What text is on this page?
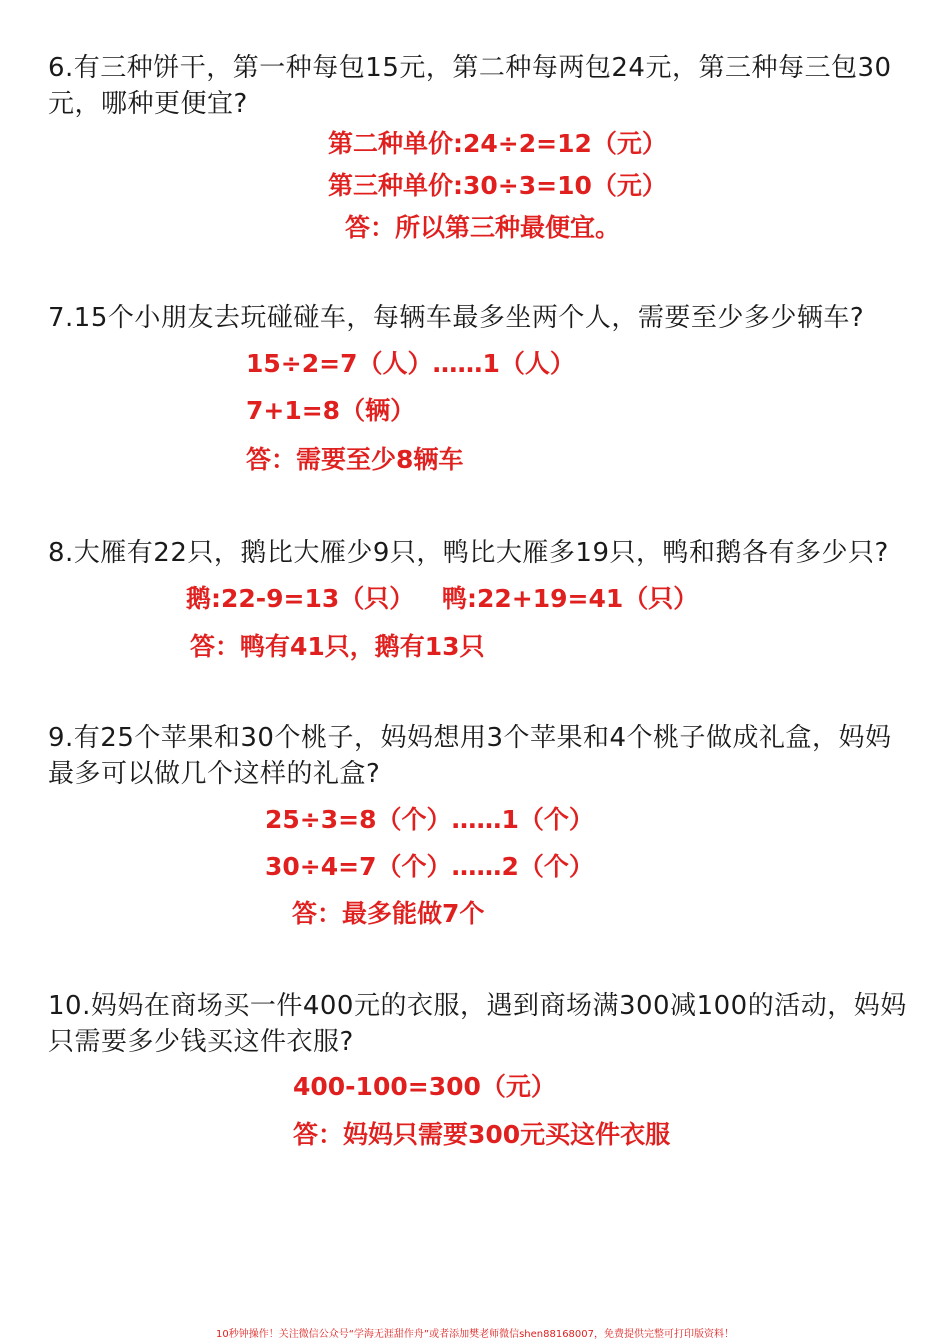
6.有三种饼干，第一种每包15元，第二种每两包24元，第三种每三包30元，哪种更便宜?
第二种单价:24÷2=12（元）
第三种单价:30÷3=10（元）
答：所以第三种最便宜。
7.15个小朋友去玩碰碰车，每辆车最多坐两个人，需要至少多少辆车?
15÷2=7（人）……1（人）
7+1=8（辆）
答：需要至少8辆车
8.大雁有22只，鹅比大雁少9只，鸭比大雁多19只，鸭和鹅各有多少只?
鹅:22-9=13（只） 鸭:22+19=41（只）
答：鸭有41只，鹅有13只
9.有25个苹果和30个桃子，妈妈想用3个苹果和4个桃子做成礼盒，妈妈最多可以做几个这样的礼盒?
25÷3=8（个）……1（个）
30÷4=7（个）……2（个）
答：最多能做7个
10.妈妈在商场买一件400元的衣服，遇到商场满300减100的活动，妈妈只需要多少钱买这件衣服?
400-100=300（元）
答：妈妈只需要300元买这件衣服
10秒钟操作！关注微信公众号“学海无涯甜作舟”或者添加樊老师微信shen88168007，免费提供完整可打印版资料！
